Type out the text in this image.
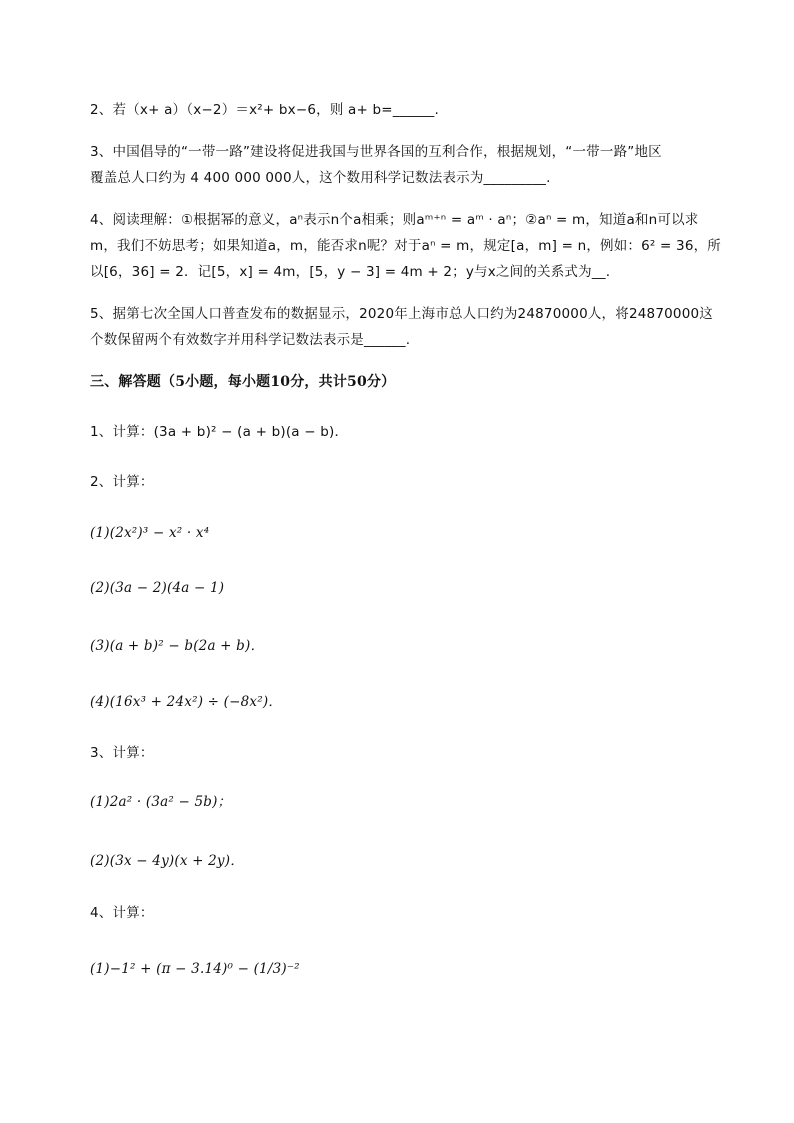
2、若（x+ a）（x−2）＝x²+ bx−6，则 a+ b=______.
3、中国倡导的“一带一路”建设将促进我国与世界各国的互利合作，根据规划，“一带一路”地区
覆盖总人口约为 4 400 000 000人，这个数用科学记数法表示为_________.
4、阅读理解：①根据幂的意义，aⁿ表示n个a相乘；则aᵐ⁺ⁿ = aᵐ · aⁿ；②aⁿ = m，知道a和n可以求
m，我们不妨思考；如果知道a，m，能否求n呢？对于aⁿ = m，规定[a，m] = n，例如：6² = 36，所
以[6，36] = 2．记[5，x] = 4m，[5，y − 3] = 4m + 2；y与x之间的关系式为__.
5、据第七次全国人口普查发布的数据显示，2020年上海市总人口约为24870000人，将24870000这
个数保留两个有效数字并用科学记数法表示是______.
三、解答题（5小题，每小题10分，共计50分）
1、计算：(3a + b)² − (a + b)(a − b)．
2、计算：
(1)(2x²)³ − x² · x⁴
(2)(3a − 2)(4a − 1)
(3)(a + b)² − b(2a + b)．
(4)(16x³ + 24x²) ÷ (−8x²)．
3、计算：
(1)2a² · (3a² − 5b)；
(2)(3x − 4y)(x + 2y)．
4、计算：
(1)−1² + (π − 3.14)⁰ − (1/3)⁻²
